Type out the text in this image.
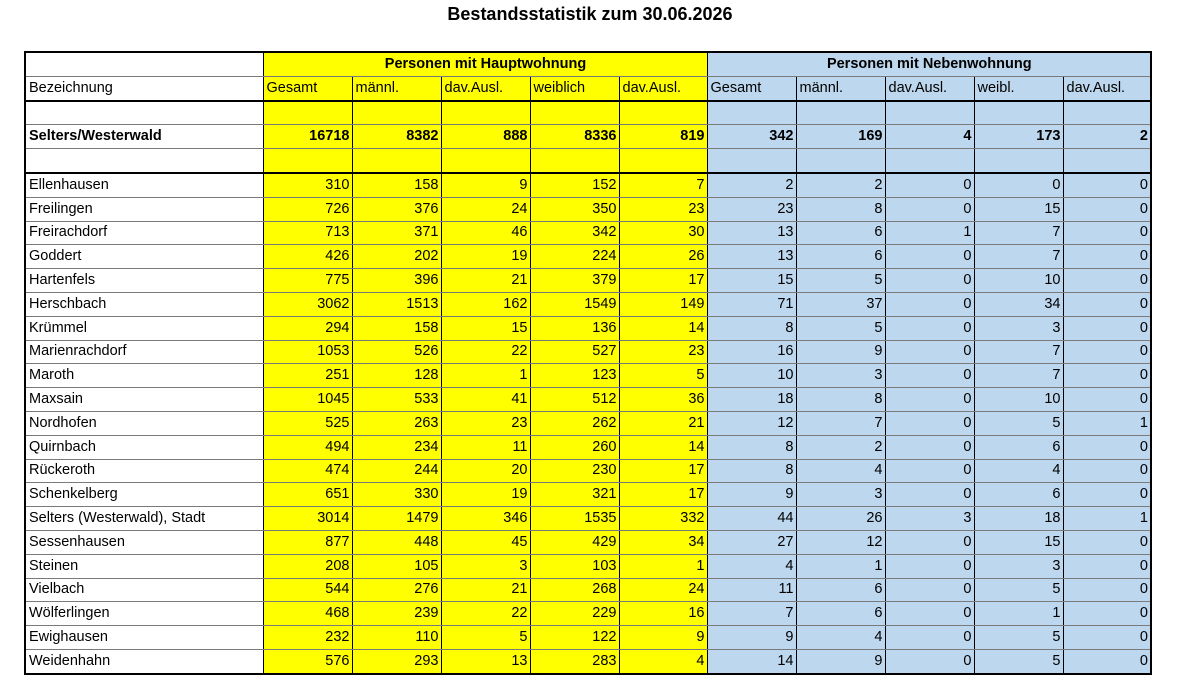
Bestandsstatistik zum 30.06.2026
	Personen mit Hauptwohnung					Personen mit Nebenwohnung				
Bezeichnung	Gesamt	männl.	dav.Ausl.	weiblich	dav.Ausl.	Gesamt	männl.	dav.Ausl.	weibl.	dav.Ausl.

Selters/Westerwald	16718	8382	888	8336	819	342	169	4	173	2

Ellenhausen	310	158	9	152	7	2	2	0	0	0
Freilingen	726	376	24	350	23	23	8	0	15	0
Freirachdorf	713	371	46	342	30	13	6	1	7	0
Goddert	426	202	19	224	26	13	6	0	7	0
Hartenfels	775	396	21	379	17	15	5	0	10	0
Herschbach	3062	1513	162	1549	149	71	37	0	34	0
Krümmel	294	158	15	136	14	8	5	0	3	0
Marienrachdorf	1053	526	22	527	23	16	9	0	7	0
Maroth	251	128	1	123	5	10	3	0	7	0
Maxsain	1045	533	41	512	36	18	8	0	10	0
Nordhofen	525	263	23	262	21	12	7	0	5	1
Quirnbach	494	234	11	260	14	8	2	0	6	0
Rückeroth	474	244	20	230	17	8	4	0	4	0
Schenkelberg	651	330	19	321	17	9	3	0	6	0
Selters (Westerwald), Stadt	3014	1479	346	1535	332	44	26	3	18	1
Sessenhausen	877	448	45	429	34	27	12	0	15	0
Steinen	208	105	3	103	1	4	1	0	3	0
Vielbach	544	276	21	268	24	11	6	0	5	0
Wölferlingen	468	239	22	229	16	7	6	0	1	0
Ewighausen	232	110	5	122	9	9	4	0	5	0
Weidenhahn	576	293	13	283	4	14	9	0	5	0
